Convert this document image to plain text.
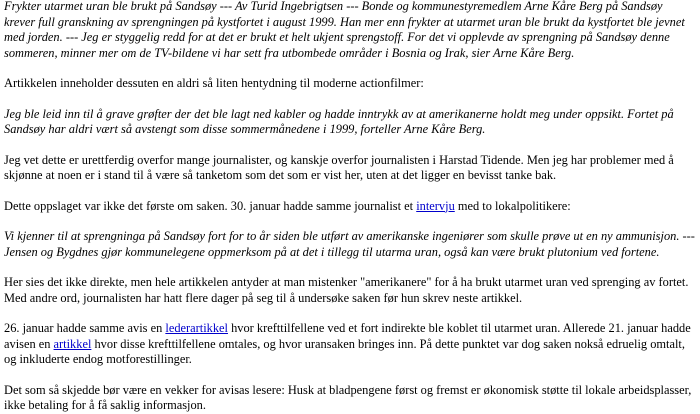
Frykter utarmet uran ble brukt på Sandsøy --- Av Turid Ingebrigtsen --- Bonde og kommunestyremedlem Arne Kåre Berg på Sandsøy krever full granskning av sprengningen på kystfortet i august 1999. Han mer enn frykter at utarmet uran ble brukt da kystfortet ble jevnet med jorden. --- Jeg er styggelig redd for at det er brukt et helt ukjent sprengstoff. For det vi opplevde av sprengning på Sandsøy denne sommeren, minner mer om de TV-bildene vi har sett fra utbombede områder i Bosnia og Irak, sier Arne Kåre Berg.

Artikkelen inneholder dessuten en aldri så liten hentydning til moderne actionfilmer:

Jeg ble leid inn til å grave grøfter der det ble lagt ned kabler og hadde inntrykk av at amerikanerne holdt meg under oppsikt. Fortet på Sandsøy har aldri vært så avstengt som disse sommermånedene i 1999, forteller Arne Kåre Berg.

Jeg vet dette er urettferdig overfor mange journalister, og kanskje overfor journalisten i Harstad Tidende. Men jeg har problemer med å skjønne at noen er i stand til å være så tanketom som det som er vist her, uten at det ligger en bevisst tanke bak.

Dette oppslaget var ikke det første om saken. 30. januar hadde samme journalist et intervju med to lokalpolitikere:

Vi kjenner til at sprengninga på Sandsøy fort for to år siden ble utført av amerikanske ingeniører som skulle prøve ut en ny ammunisjon. --- Jensen og Bygdnes gjør kommunelegene oppmerksom på at det i tillegg til utarma uran, også kan være brukt plutonium ved fortene.

Her sies det ikke direkte, men hele artikkelen antyder at man mistenker "amerikanere" for å ha brukt utarmet uran ved sprenging av fortet. Med andre ord, journalisten har hatt flere dager på seg til å undersøke saken før hun skrev neste artikkel.

26. januar hadde samme avis en lederartikkel hvor krefttilfellene ved et fort indirekte ble koblet til utarmet uran. Allerede 21. januar hadde avisen en artikkel hvor disse krefttilfellene omtales, og hvor uransaken bringes inn. På dette punktet var dog saken nokså edruelig omtalt, og inkluderte endog motforestillinger.

Det som så skjedde bør være en vekker for avisas lesere: Husk at bladpengene først og fremst er økonomisk støtte til lokale arbeidsplasser, ikke betaling for å få saklig informasjon.
